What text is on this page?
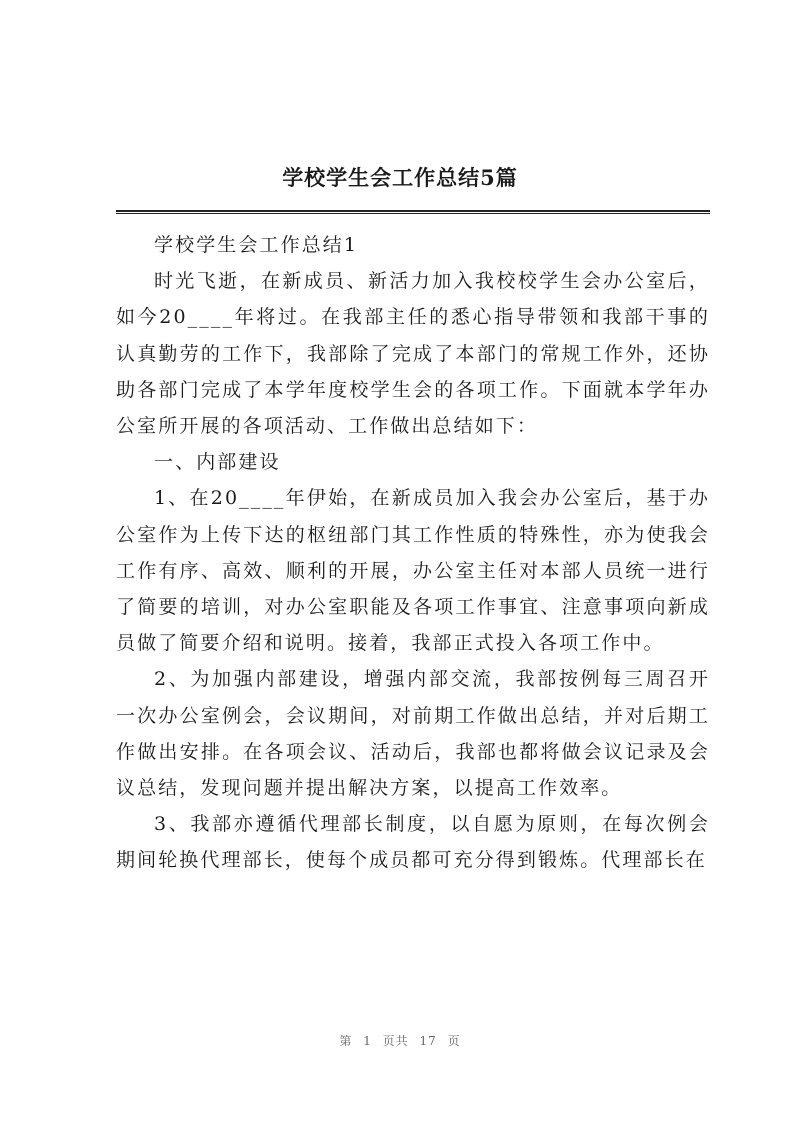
学校学生会工作总结5篇

学校学生会工作总结1

时光飞逝，在新成员、新活力加入我校校学生会办公室后，如今20____年将过。在我部主任的悉心指导带领和我部干事的认真勤劳的工作下，我部除了完成了本部门的常规工作外，还协助各部门完成了本学年度校学生会的各项工作。下面就本学年办公室所开展的各项活动、工作做出总结如下：

一、内部建设

1、在20____年伊始，在新成员加入我会办公室后，基于办公室作为上传下达的枢纽部门其工作性质的特殊性，亦为使我会工作有序、高效、顺利的开展，办公室主任对本部人员统一进行了简要的培训，对办公室职能及各项工作事宜、注意事项向新成员做了简要介绍和说明。接着，我部正式投入各项工作中。

2、为加强内部建设，增强内部交流，我部按例每三周召开一次办公室例会，会议期间，对前期工作做出总结，并对后期工作做出安排。在各项会议、活动后，我部也都将做会议记录及会议总结，发现问题并提出解决方案，以提高工作效率。

3、我部亦遵循代理部长制度，以自愿为原则，在每次例会期间轮换代理部长，使每个成员都可充分得到锻炼。代理部长在

第 1 页共 17 页
